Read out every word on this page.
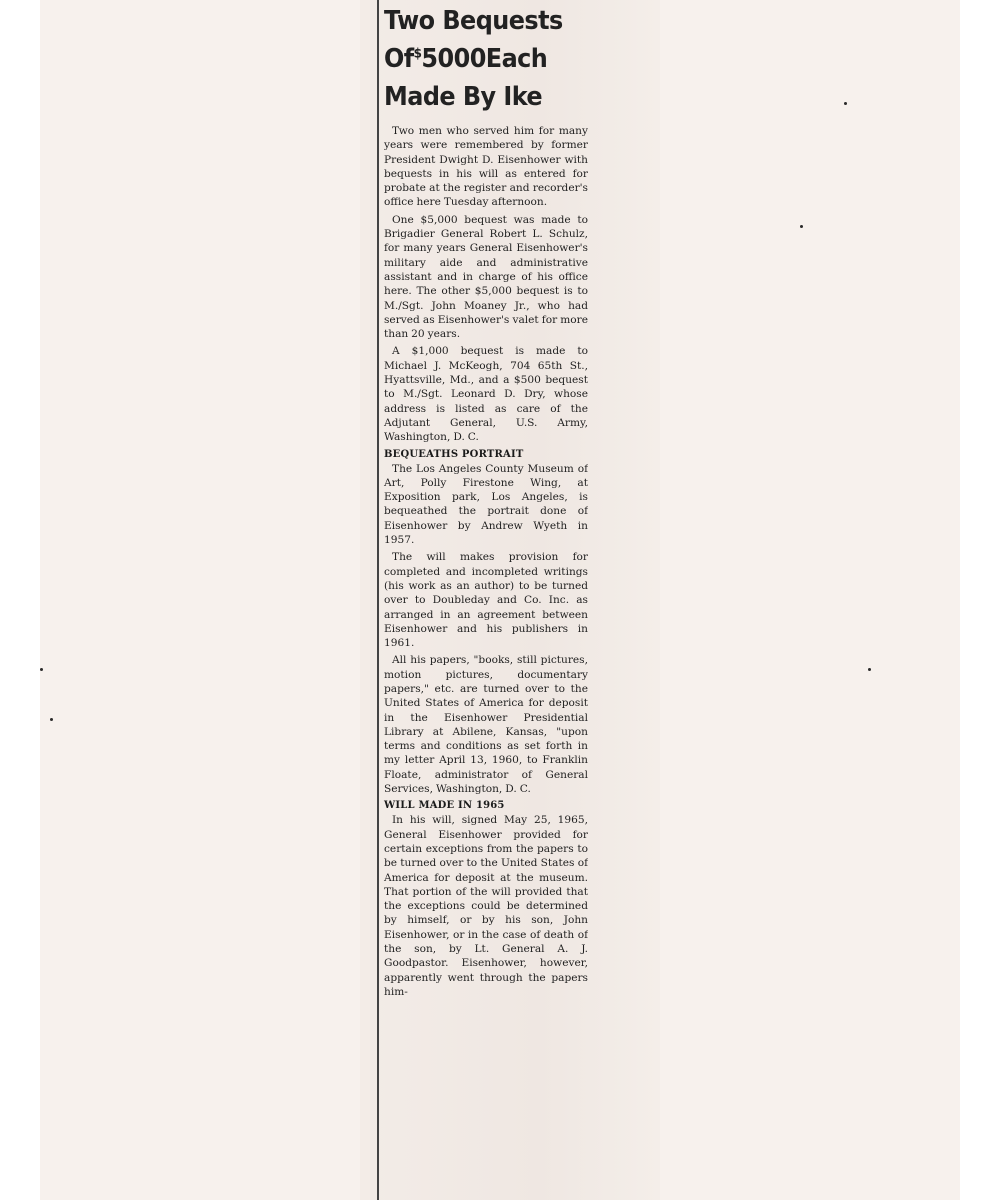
Two Bequests
Of$5000Each
Made By Ike

Two men who served him for many years were remembered by former President Dwight D. Eisenhower with bequests in his will as entered for probate at the register and recorder's office here Tuesday afternoon.

One $5,000 bequest was made to Brigadier General Robert L. Schulz, for many years General Eisenhower's military aide and administrative assistant and in charge of his office here. The other $5,000 bequest is to M./Sgt. John Moaney Jr., who had served as Eisenhower's valet for more than 20 years.

A $1,000 bequest is made to Michael J. McKeogh, 704 65th St., Hyattsville, Md., and a $500 bequest to M./Sgt. Leonard D. Dry, whose address is listed as care of the Adjutant General, U.S. Army, Washington, D. C.

BEQUEATHS PORTRAIT

The Los Angeles County Museum of Art, Polly Firestone Wing, at Exposition park, Los Angeles, is bequeathed the portrait done of Eisenhower by Andrew Wyeth in 1957.

The will makes provision for completed and incompleted writings (his work as an author) to be turned over to Doubleday and Co. Inc. as arranged in an agreement between Eisenhower and his publishers in 1961.

All his papers, "books, still pictures, motion pictures, documentary papers," etc. are turned over to the United States of America for deposit in the Eisenhower Presidential Library at Abilene, Kansas, "upon terms and conditions as set forth in my letter April 13, 1960, to Franklin Floate, administrator of General Services, Washington, D. C.

WILL MADE IN 1965

In his will, signed May 25, 1965, General Eisenhower provided for certain exceptions from the papers to be turned over to the United States of America for deposit at the museum. That portion of the will provided that the exceptions could be determined by himself, or by his son, John Eisenhower, or in the case of death of the son, by Lt. General A. J. Goodpastor. Eisenhower, however, apparently went through the papers him-
